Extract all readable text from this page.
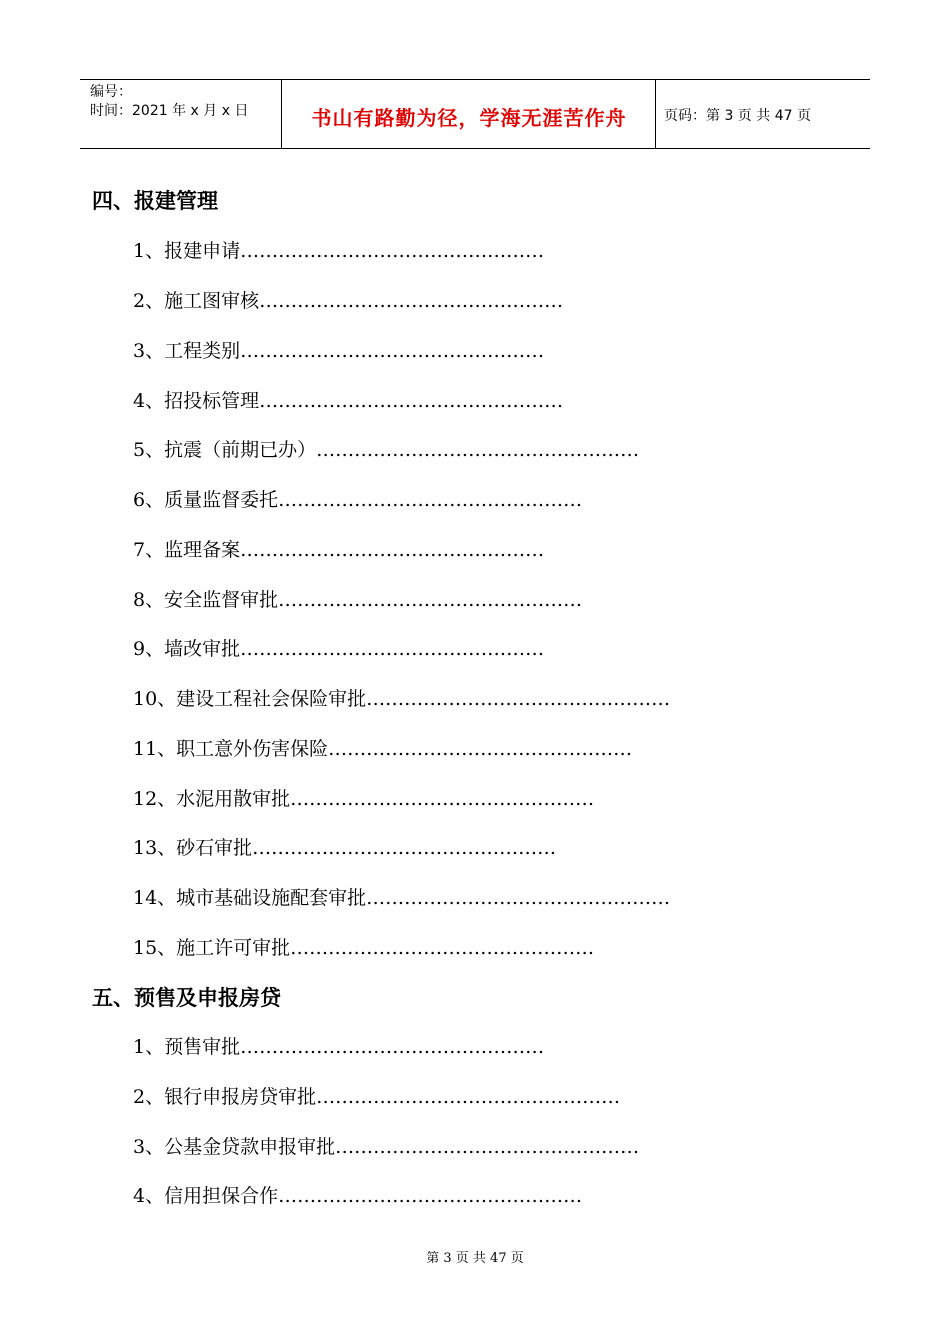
编号：
时间：2021 年 x 月 x 日	书山有路勤为径，学海无涯苦作舟	页码：第 3 页 共 47 页
四、报建管理
1、报建申请…………………………………………
2、施工图审核…………………………………………
3、工程类别…………………………………………
4、招投标管理…………………………………………
5、抗震（前期已办）……………………………………………
6、质量监督委托…………………………………………
7、监理备案…………………………………………
8、安全监督审批…………………………………………
9、墙改审批…………………………………………
10、建设工程社会保险审批…………………………………………
11、职工意外伤害保险…………………………………………
12、水泥用散审批…………………………………………
13、砂石审批…………………………………………
14、城市基础设施配套审批…………………………………………
15、施工许可审批…………………………………………
五、预售及申报房贷
1、预售审批…………………………………………
2、银行申报房贷审批…………………………………………
3、公基金贷款申报审批…………………………………………
4、信用担保合作…………………………………………
第 3 页 共 47 页
